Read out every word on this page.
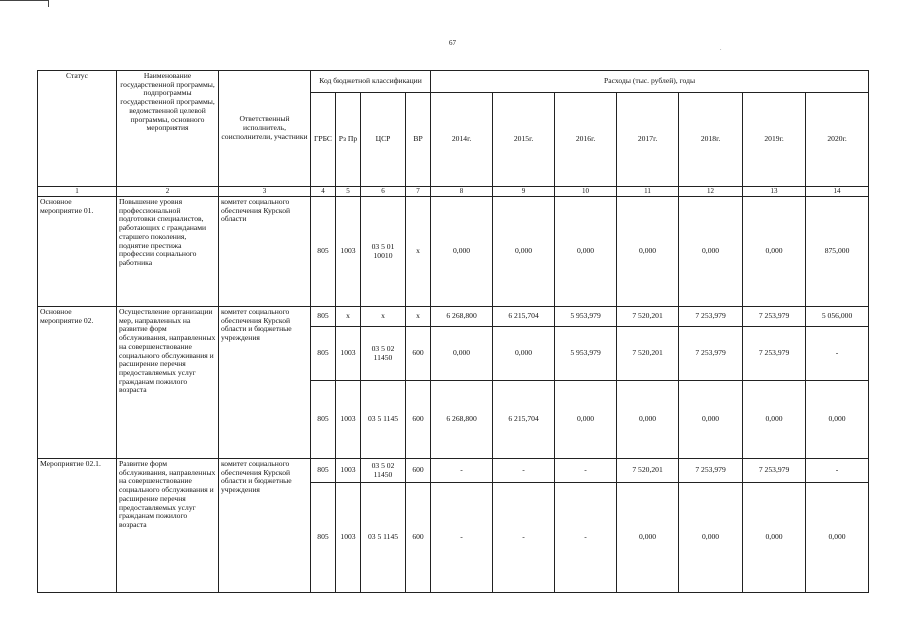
67
.
Статус	Наименование государственной программы, подпрограммы государственной программы, ведомственной целевой программы, основного мероприятия	Ответственный исполнитель, соисполнители, участники	Код бюджетной классификации				Расходы (тыс. рублей), годы						
			ГРБС	Рз Пр	ЦСР	ВР	2014г.	2015г.	2016г.	2017г.	2018г.	2019г.	2020г.
1	2	3	4	5	6	7	8	9	10	11	12	13	14
Основное мероприятие 01.	Повышение уровня профессиональной подготовки специалистов, работающих с гражданами старшего поколения, поднятие престижа профессии социального работника	комитет социального обеспечения Курской области	805	1003	03 5 01 10010	х	0,000	0,000	0,000	0,000	0,000	0,000	875,000
Основное мероприятие 02.	Осуществление организации мер, направленных на развитие форм обслуживания, направленных на совершенствование социального обслуживания и расширение перечня предоставляемых услуг гражданам пожилого возраста	комитет социального обеспечения Курской области и бюджетные учреждения	805	х	х	х	6 268,800	6 215,704	5 953,979	7 520,201	7 253,979	7 253,979	5 056,000
			805	1003	03 5 02 11450	600	0,000	0,000	5 953,979	7 520,201	7 253,979	7 253,979	-
			805	1003	03 5 1145	600	6 268,800	6 215,704	0,000	0,000	0,000	0,000	0,000
Мероприятие 02.1.	Развитие форм обслуживания, направленных на совершенствование социального обслуживания и расширение перечня предоставляемых услуг гражданам пожилого возраста	комитет социального обеспечения Курской области и бюджетные учреждения	805	1003	03 5 02 11450	600	-	-	-	7 520,201	7 253,979	7 253,979	-
			805	1003	03 5 1145	600	-	-	-	0,000	0,000	0,000	0,000
